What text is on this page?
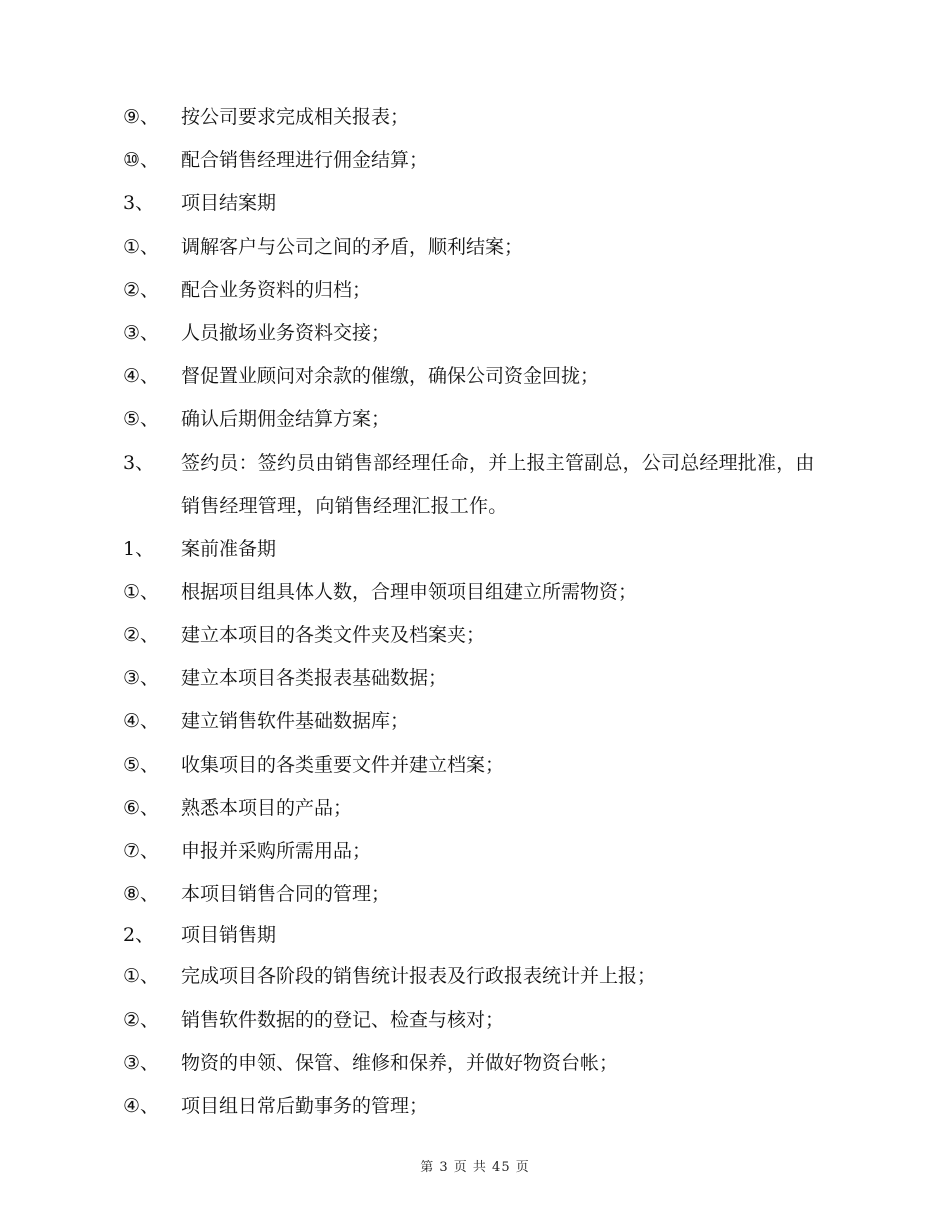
⑨、	按公司要求完成相关报表；
⑩、	配合销售经理进行佣金结算；
3、	项目结案期
①、	调解客户与公司之间的矛盾，顺利结案；
②、	配合业务资料的归档；
③、	人员撤场业务资料交接；
④、	督促置业顾问对余款的催缴，确保公司资金回拢；
⑤、	确认后期佣金结算方案；
3、	签约员：签约员由销售部经理任命，并上报主管副总，公司总经理批准，由销售经理管理，向销售经理汇报工作。
1、	案前准备期
①、	根据项目组具体人数，合理申领项目组建立所需物资；
②、	建立本项目的各类文件夹及档案夹；
③、	建立本项目各类报表基础数据；
④、	建立销售软件基础数据库；
⑤、	收集项目的各类重要文件并建立档案；
⑥、	熟悉本项目的产品；
⑦、	申报并采购所需用品；
⑧、	本项目销售合同的管理；
2、	项目销售期
①、	完成项目各阶段的销售统计报表及行政报表统计并上报；
②、	销售软件数据的的登记、检查与核对；
③、	物资的申领、保管、维修和保养，并做好物资台帐；
④、	项目组日常后勤事务的管理；
第 3 页 共 45 页
